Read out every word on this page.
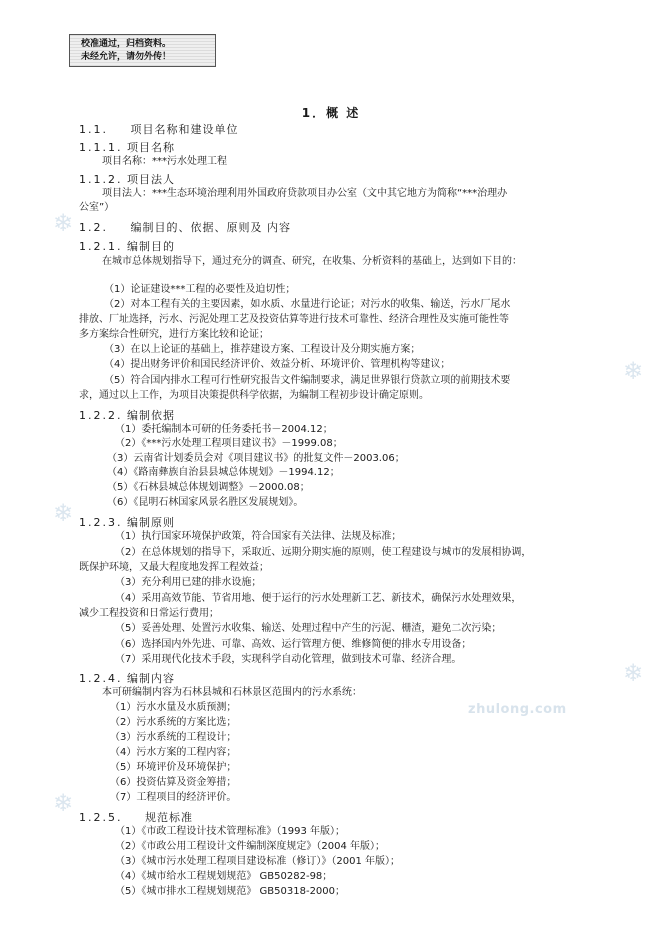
校准通过，归档资料。
未经允许，请勿外传！
❄
❄
❄
❄
❄
zhulong.com
1．概 述
1.1. 项目名称和建设单位
1.1.1. 项目名称
项目名称：***污水处理工程
1.1.2. 项目法人
项目法人：***生态环境治理利用外国政府贷款项目办公室（文中其它地方为简称“***治理办
公室”）
1.2. 编制目的、依据、原则及 内容
1.2.1. 编制目的
在城市总体规划指导下，通过充分的调查、研究，在收集、分析资料的基础上，达到如下目的：
（1）论证建设***工程的必要性及迫切性；
（2）对本工程有关的主要因素，如水质、水量进行论证；对污水的收集、输送，污水厂尾水
排放、厂址选择，污水、污泥处理工艺及投资估算等进行技术可靠性、经济合理性及实施可能性等
多方案综合性研究，进行方案比较和论证；
（3）在以上论证的基础上，推荐建设方案、工程设计及分期实施方案；
（4）提出财务评价和国民经济评价、效益分析、环境评价、管理机构等建议；
（5）符合国内排水工程可行性研究报告文件编制要求，满足世界银行贷款立项的前期技术要
求，通过以上工作，为项目决策提供科学依据，为编制工程初步设计确定原则。
1.2.2. 编制依据
（1）委托编制本可研的任务委托书－2004.12；
（2）《***污水处理工程项目建议书》－1999.08；
（3）云南省计划委员会对《项目建议书》的批复文件－2003.06；
（4）《路南彝族自治县县城总体规划》－1994.12；
（5）《石林县城总体规划调整》－2000.08；
（6）《昆明石林国家风景名胜区发展规划》。
1.2.3. 编制原则
（1）执行国家环境保护政策，符合国家有关法律、法规及标准；
（2）在总体规划的指导下，采取近、远期分期实施的原则，使工程建设与城市的发展相协调，
既保护环境，又最大程度地发挥工程效益；
（3）充分利用已建的排水设施；
（4）采用高效节能、节省用地、便于运行的污水处理新工艺、新技术，确保污水处理效果，
减少工程投资和日常运行费用；
（5）妥善处理、处置污水收集、输送、处理过程中产生的污泥、栅渣，避免二次污染；
（6）选择国内外先进、可靠、高效、运行管理方便、维修简便的排水专用设备；
（7）采用现代化技术手段，实现科学自动化管理，做到技术可靠、经济合理。
1.2.4. 编制内容
本可研编制内容为石林县城和石林景区范围内的污水系统：
（1）污水水量及水质预测；
（2）污水系统的方案比选；
（3）污水系统的工程设计；
（4）污水方案的工程内容；
（5）环境评价及环境保护；
（6）投资估算及资金筹措；
（7）工程项目的经济评价。
1.2.5. 规范标准
（1）《市政工程设计技术管理标准》（1993 年版）；
（2）《市政公用工程设计文件编制深度规定》（2004 年版）；
（3）《城市污水处理工程项目建设标准（修订）》（2001 年版）；
（4）《城市给水工程规划规范》 GB50282-98；
（5）《城市排水工程规划规范》 GB50318-2000；
